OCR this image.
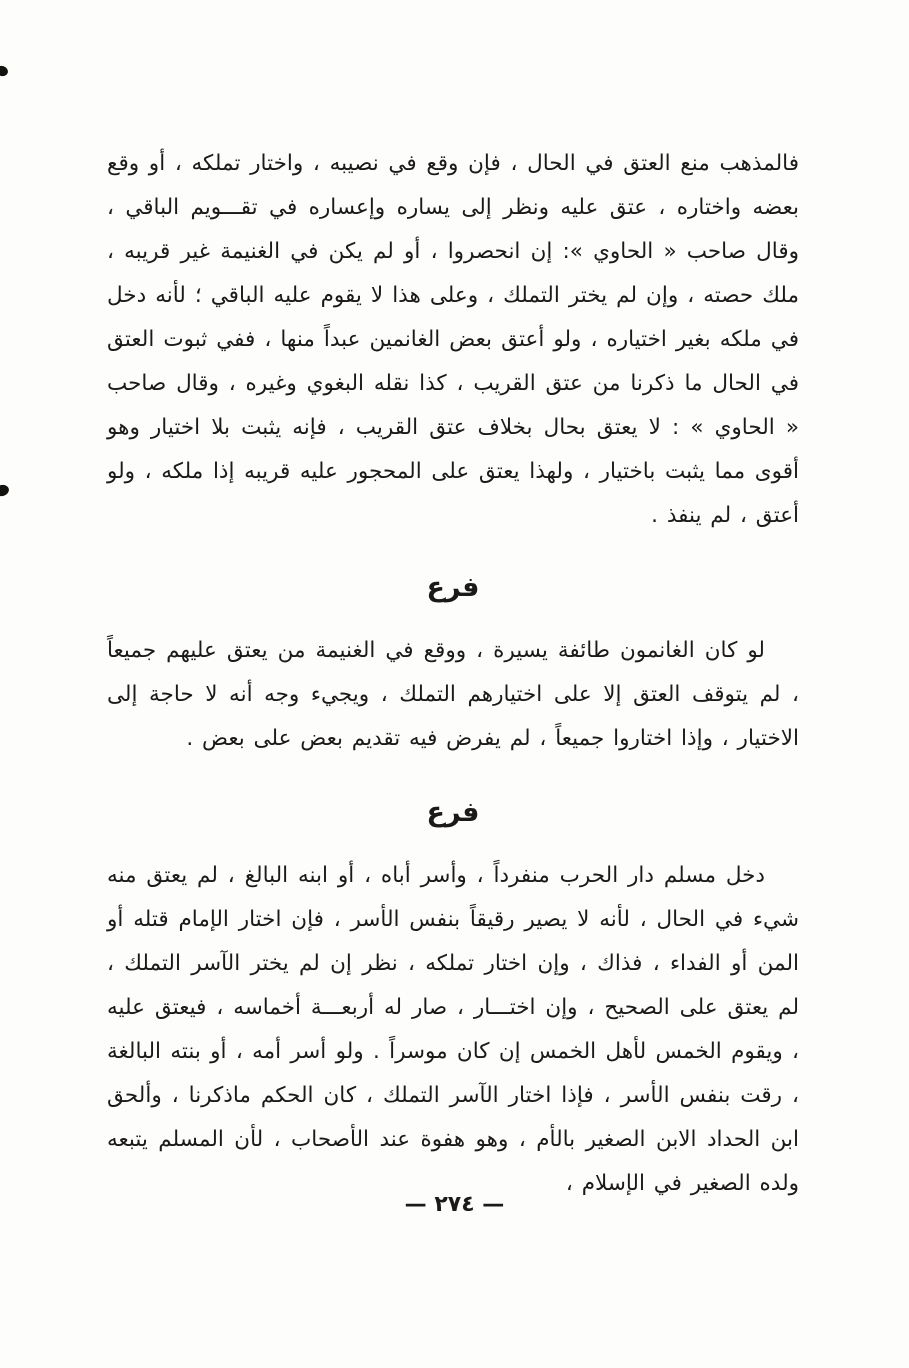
فالمذهب منع العتق في الحال ، فإن وقع في نصيبه ، واختار تملكه ، أو وقع بعضه واختاره ، عتق عليه ونظر إلى يساره وإعساره في تقـــويم الباقي ، وقال صاحب « الحاوي »: إن انحصروا ، أو لم يكن في الغنيمة غير قريبه ، ملك حصته ، وإن لم يختر التملك ، وعلى هذا لا يقوم عليه الباقي ؛ لأنه دخل في ملكه بغير اختياره ، ولو أعتق بعض الغانمين عبداً منها ، ففي ثبوت العتق في الحال ما ذكرنا من عتق القريب ، كذا نقله البغوي وغيره ، وقال صاحب « الحاوي » : لا يعتق بحال بخلاف عتق القريب ، فإنه يثبت بلا اختيار وهو أقوى مما يثبت باختيار ، ولهذا يعتق على المحجور عليه قريبه إذا ملكه ، ولو أعتق ، لم ينفذ .

فرع

لو كان الغانمون طائفة يسيرة ، ووقع في الغنيمة من يعتق عليهم جميعاً ، لم يتوقف العتق إلا على اختيارهم التملك ، ويجيء وجه أنه لا حاجة إلى الاختيار ، وإذا اختاروا جميعاً ، لم يفرض فيه تقديم بعض على بعض .

فرع

دخل مسلم دار الحرب منفرداً ، وأسر أباه ، أو ابنه البالغ ، لم يعتق منه شيء في الحال ، لأنه لا يصير رقيقاً بنفس الأسر ، فإن اختار الإمام قتله أو المن أو الفداء ، فذاك ، وإن اختار تملكه ، نظر إن لم يختر الآسر التملك ، لم يعتق على الصحيح ، وإن اختـــار ، صار له أربعـــة أخماسه ، فيعتق عليه ، ويقوم الخمس لأهل الخمس إن كان موسراً . ولو أسر أمه ، أو بنته البالغة ، رقت بنفس الأسر ، فإذا اختار الآسر التملك ، كان الحكم ماذكرنا ، وألحق ابن الحداد الابن الصغير بالأم ، وهو هفوة عند الأصحاب ، لأن المسلم يتبعه ولده الصغير في الإسلام ،

— ٢٧٤ —
